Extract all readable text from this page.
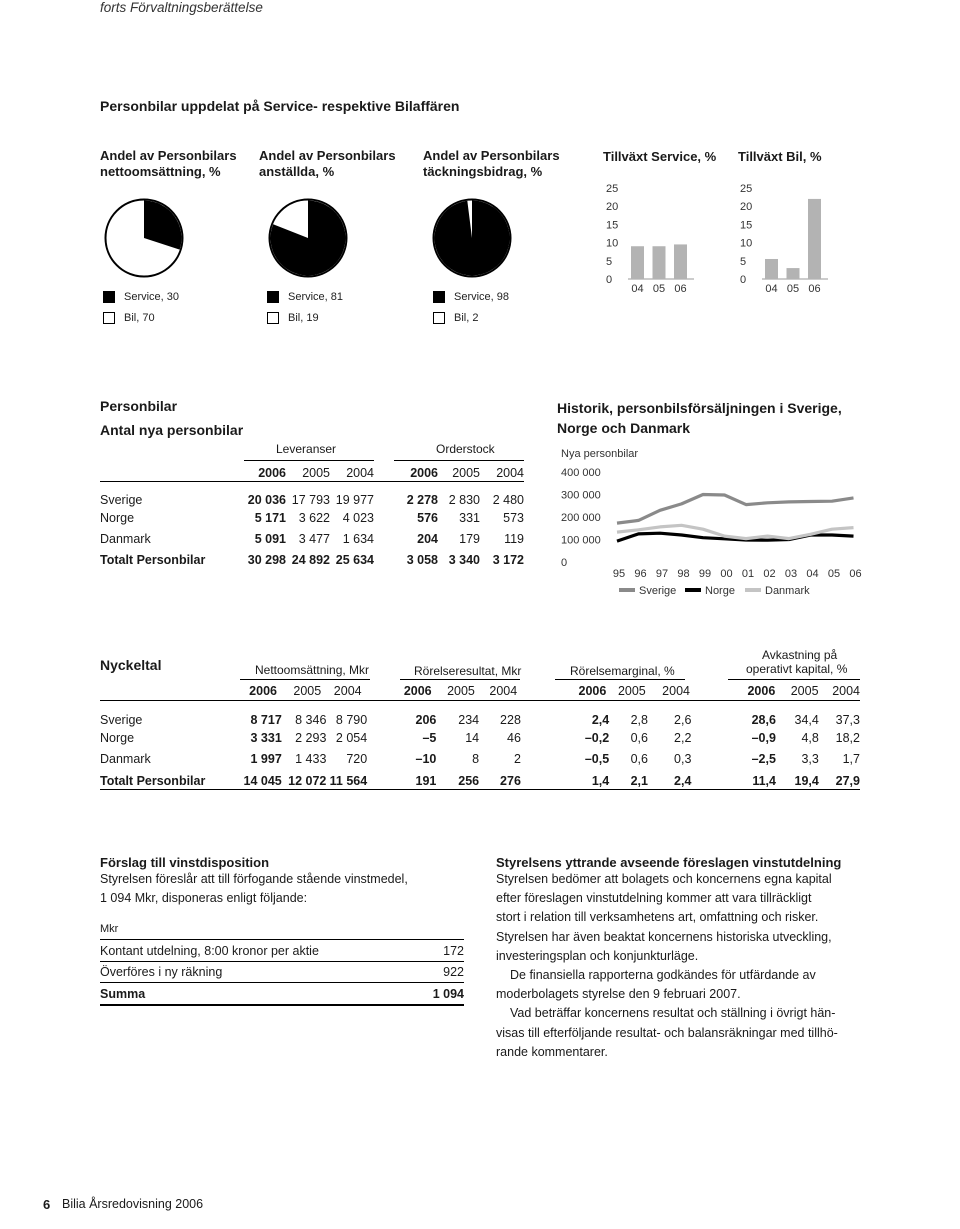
forts Förvaltningsberättelse
Personbilar uppdelat på Service- respektive Bilaffären
Andel av Personbilars
nettoomsättning, %
Andel av Personbilars
anställda, %
Andel av Personbilars
täckningsbidrag, %
Service, 30
Bil, 70
Service, 81
Bil, 19
Service, 98
Bil, 2
Tillväxt Service, % Tillväxt Bil, %
25
20
15
10
5
0
04 05 06
25
20
15
10
5
0
04 05 06
Personbilar
Antal nya personbilar
Leveranser	Orderstock
	2006	2005	2004	2006	2005	2004
Sverige	20 036	17 793	19 977	2 278	2 830	2 480
Norge	5 171	3 622	4 023	576	331	573
Danmark	5 091	3 477	1 634	204	179	119
Totalt Personbilar	30 298	24 892	25 634	3 058	3 340	3 172
Historik, personbilsförsäljningen i Sverige, Norge och Danmark
Nya personbilar
400 000
300 000
200 000
100 000
0
95 96 97 98 99 00 01 02 03 04 05 06
Sverige	Norge	Danmark
Nyckeltal	Nettoomsättning, Mkr	Rörelseresultat, Mkr	Rörelsemarginal, %
Avkastning på
operativt kapital, %
	2006	2005	2004	2006	2005	2004	2006	2005	2004	2006	2005	2004
Sverige	8 717	8 346	8 790	206	234	228	2,4	2,8	2,6	28,6	34,4	37,3
Norge	3 331	2 293	2 054	–5	14	46	–0,2	0,6	2,2	–0,9	4,8	18,2
Danmark	1 997	1 433	720	–10	8	2	–0,5	0,6	0,3	–2,5	3,3	1,7
Totalt Personbilar	14 045	12 072	11 564	191	256	276	1,4	2,1	2,4	11,4	19,4	27,9
Förslag till vinstdisposition
Styrelsen föreslår att till förfogande stående vinstmedel,
1 094 Mkr, disponeras enligt följande:
Mkr
Kontant utdelning, 8:00 kronor per aktie	172
Överföres i ny räkning	922
Summa	1 094
Styrelsens yttrande avseende föreslagen vinstutdelning
Styrelsen bedömer att bolagets och koncernens egna kapital
efter föreslagen vinstutdelning kommer att vara tillräckligt
stort i relation till verksamhetens art, omfattning och risker.
Styrelsen har även beaktat koncernens historiska utveckling,
investeringsplan och konjunkturläge.
De finansiella rapporterna godkändes för utfärdande av
moderbolagets styrelse den 9 februari 2007.
Vad beträffar koncernens resultat och ställning i övrigt hän-
visas till efterföljande resultat- och balansräkningar med tillhö-
rande kommentarer.
6 Bilia Årsredovisning 2006
